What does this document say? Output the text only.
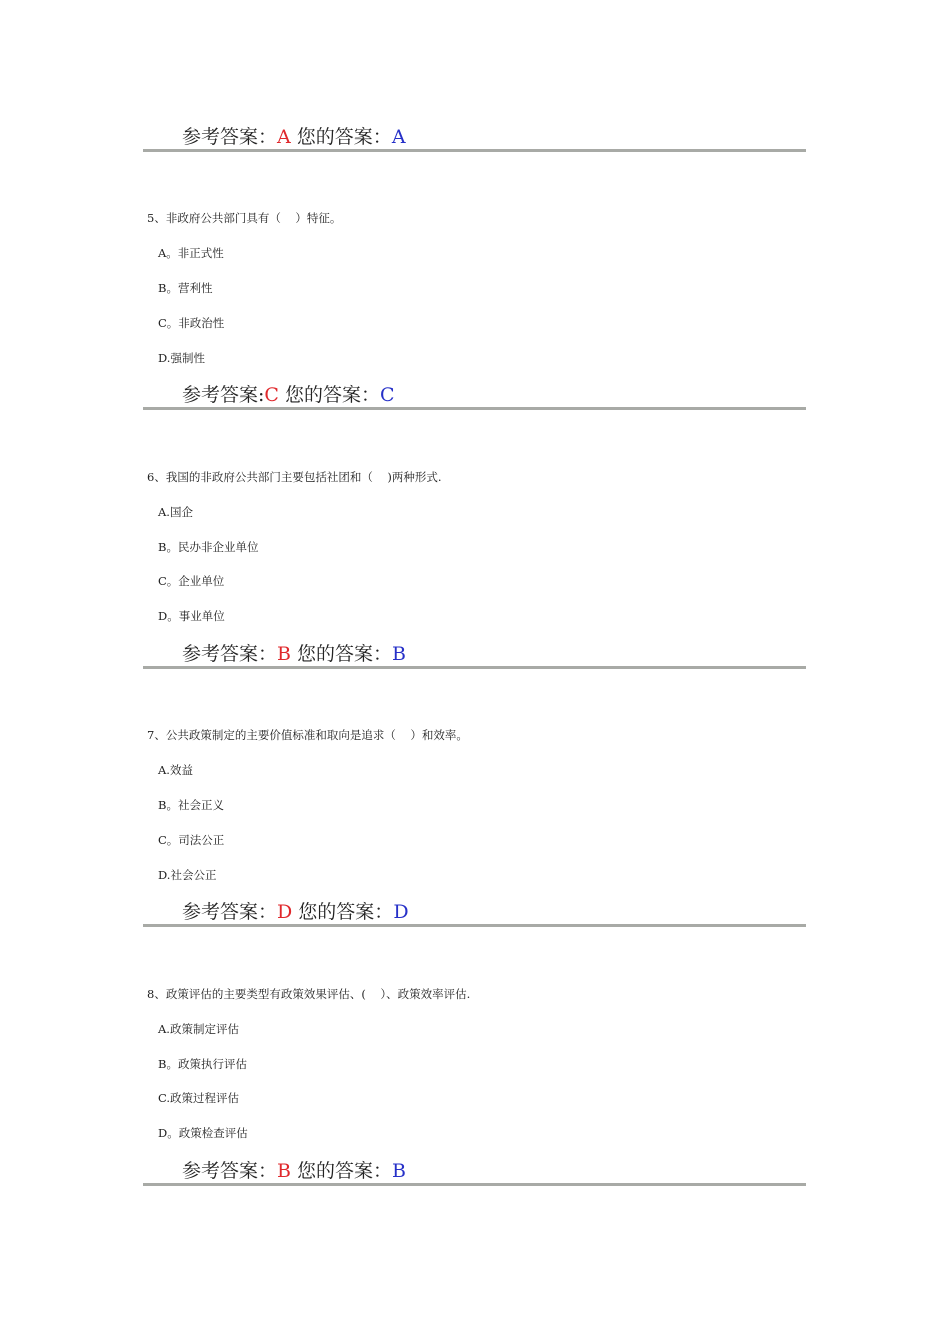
参考答案：A 您的答案：A
5、非政府公共部门具有（    ）特征。
A。非正式性
B。营利性
C。非政治性
D.强制性
参考答案:C 您的答案：C
6、我国的非政府公共部门主要包括社团和（    )两种形式.
A.国企
B。民办非企业单位
C。企业单位
D。事业单位
参考答案：B 您的答案：B
7、公共政策制定的主要价值标准和取向是追求（    ）和效率。
A.效益
B。社会正义
C。司法公正
D.社会公正
参考答案：D 您的答案：D
8、政策评估的主要类型有政策效果评估、(    ）、政策效率评估.
A.政策制定评估
B。政策执行评估
C.政策过程评估
D。政策检查评估
参考答案：B 您的答案：B
